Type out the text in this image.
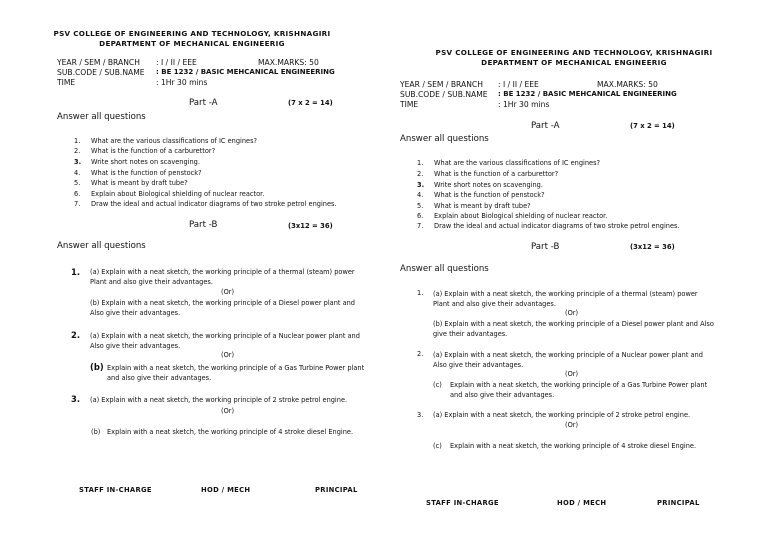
PSV COLLEGE OF ENGINEERING AND TECHNOLOGY, KRISHNAGIRI
DEPARTMENT OF MECHANICAL ENGINEERIG
YEAR / SEM / BRANCH : I / II / EEE	MAX.MARKS: 50
SUB.CODE / SUB.NAME : BE 1232 / BASIC MEHCANICAL ENGINEERING
TIME	: 1Hr 30 mins
Part -A	(7 x 2 = 14)
Answer all questions
1. What are the various classifications of IC engines?
2. What is the function of a carburettor?
3. Write short notes on scavenging.
4. What is the function of penstock?
5. What is meant by draft tube?
6. Explain about Biological shielding of nuclear reactor.
7. Draw the ideal and actual indicator diagrams of two stroke petrol engines.
Part -B	(3x12 = 36)
Answer all questions
1. (a) Explain with a neat sketch, the working principle of a thermal (steam) power Plant and also give their advantages.
(Or)
(b) Explain with a neat sketch, the working principle of a Diesel power plant and Also give their advantages.
2. (a) Explain with a neat sketch, the working principle of a Nuclear power plant and Also give their advantages.
(Or)
(b) Explain with a neat sketch, the working principle of a Gas Turbine Power plant and also give their advantages.
3. (a) Explain with a neat sketch, the working principle of 2 stroke petrol engine.
(Or)
(b) Explain with a neat sketch, the working principle of 4 stroke diesel Engine.
STAFF IN-CHARGE	HOD / MECH	PRINCIPAL
PSV COLLEGE OF ENGINEERING AND TECHNOLOGY, KRISHNAGIRI
DEPARTMENT OF MECHANICAL ENGINEERIG
YEAR / SEM / BRANCH : I / II / EEE	MAX.MARKS: 50
SUB.CODE / SUB.NAME : BE 1232 / BASIC MEHCANICAL ENGINEERING
TIME	: 1Hr 30 mins
Part -A	(7 x 2 = 14)
Answer all questions
1. What are the various classifications of IC engines?
2. What is the function of a carburettor?
3. Write short notes on scavenging.
4. What is the function of penstock?
5. What is meant by draft tube?
6. Explain about Biological shielding of nuclear reactor.
7. Draw the ideal and actual indicator diagrams of two stroke petrol engines.
Part -B	(3x12 = 36)
Answer all questions
1. (a) Explain with a neat sketch, the working principle of a thermal (steam) power Plant and also give their advantages.
(Or)
(b) Explain with a neat sketch, the working principle of a Diesel power plant and Also give their advantages.
2. (a) Explain with a neat sketch, the working principle of a Nuclear power plant and Also give their advantages.
(Or)
(c) Explain with a neat sketch, the working principle of a Gas Turbine Power plant and also give their advantages.
3. (a) Explain with a neat sketch, the working principle of 2 stroke petrol engine.
(Or)
(c) Explain with a neat sketch, the working principle of 4 stroke diesel Engine.
STAFF IN-CHARGE	HOD / MECH	PRINCIPAL
